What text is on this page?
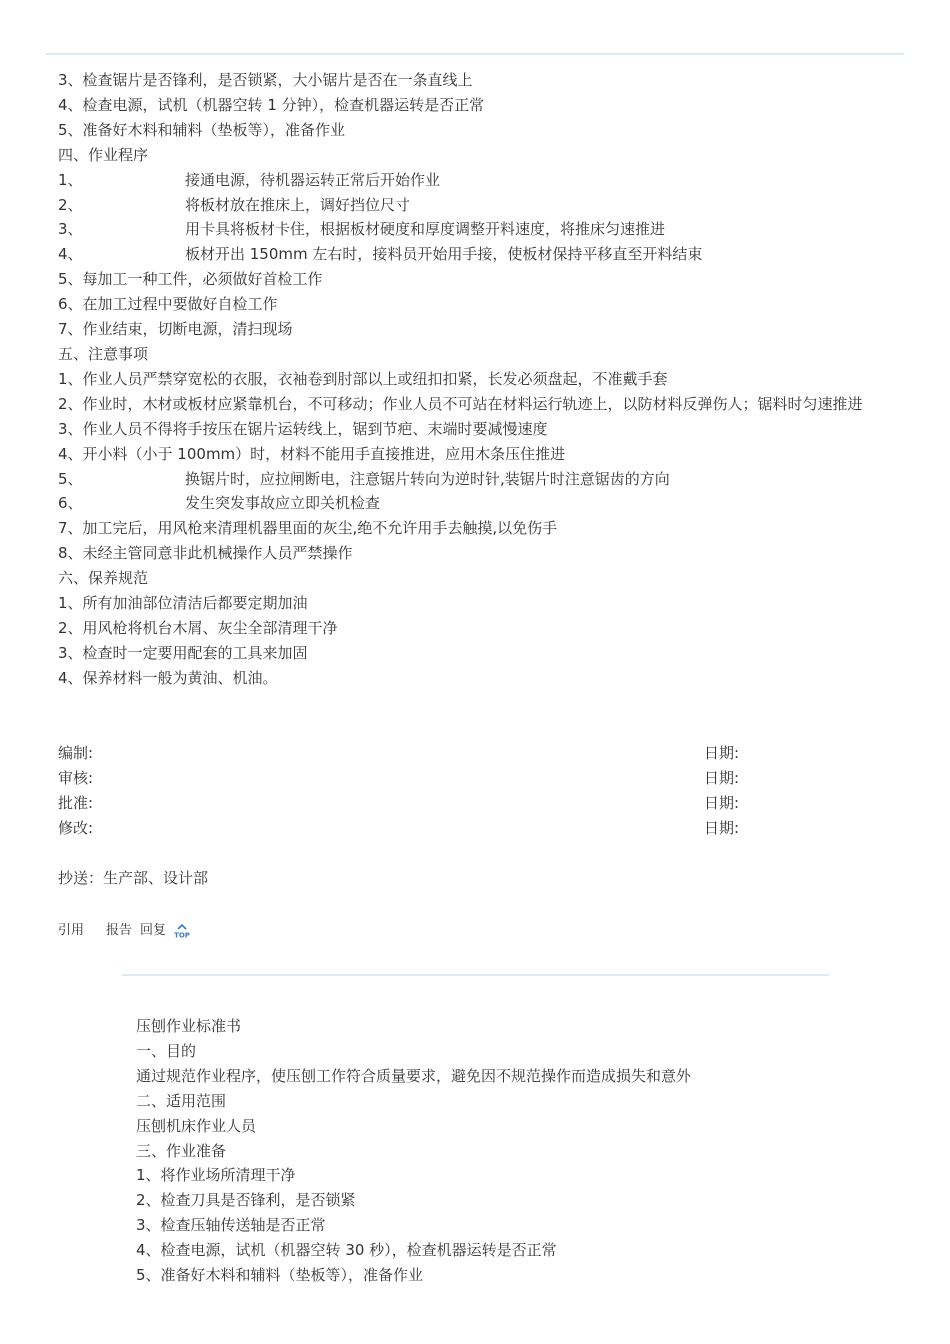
3、检查锯片是否锋利，是否锁紧，大小锯片是否在一条直线上
4、检查电源，试机（机器空转 1 分钟），检查机器运转是否正常
5、准备好木料和辅料（垫板等），准备作业
四、作业程序
1、	接通电源，待机器运转正常后开始作业
2、	将板材放在推床上，调好挡位尺寸
3、	用卡具将板材卡住，根据板材硬度和厚度调整开料速度，将推床匀速推进
4、	板材开出 150mm 左右时，接料员开始用手接，使板材保持平移直至开料结束
5、每加工一种工件，必须做好首检工作
6、在加工过程中要做好自检工作
7、作业结束，切断电源，清扫现场
五、注意事项
1、作业人员严禁穿宽松的衣服，衣袖卷到肘部以上或纽扣扣紧，长发必须盘起，不准戴手套
2、作业时，木材或板材应紧靠机台，不可移动；作业人员不可站在材料运行轨迹上，以防材料反弹伤人；锯料时匀速推进
3、作业人员不得将手按压在锯片运转线上，锯到节疤、末端时要减慢速度
4、开小料（小于 100mm）时，材料不能用手直接推进，应用木条压住推进
5、	换锯片时，应拉闸断电，注意锯片转向为逆时针,装锯片时注意锯齿的方向
6、	发生突发事故应立即关机检查
7、加工完后，用风枪来清理机器里面的灰尘,绝不允许用手去触摸,以免伤手
8、未经主管同意非此机械操作人员严禁操作
六、保养规范
1、所有加油部位清洁后都要定期加油
2、用风枪将机台木屑、灰尘全部清理干净
3、检查时一定要用配套的工具来加固
4、保养材料一般为黄油、机油。
编制:	日期:
审核:	日期:
批准:	日期:
修改:	日期:
抄送：生产部、设计部
引用 报告 回复 TOP
压刨作业标准书
一、目的
通过规范作业程序，使压刨工作符合质量要求，避免因不规范操作而造成损失和意外
二、适用范围
压刨机床作业人员
三、作业准备
1、将作业场所清理干净
2、检查刀具是否锋利，是否锁紧
3、检查压轴传送轴是否正常
4、检查电源，试机（机器空转 30 秒），检查机器运转是否正常
5、准备好木料和辅料（垫板等），准备作业
